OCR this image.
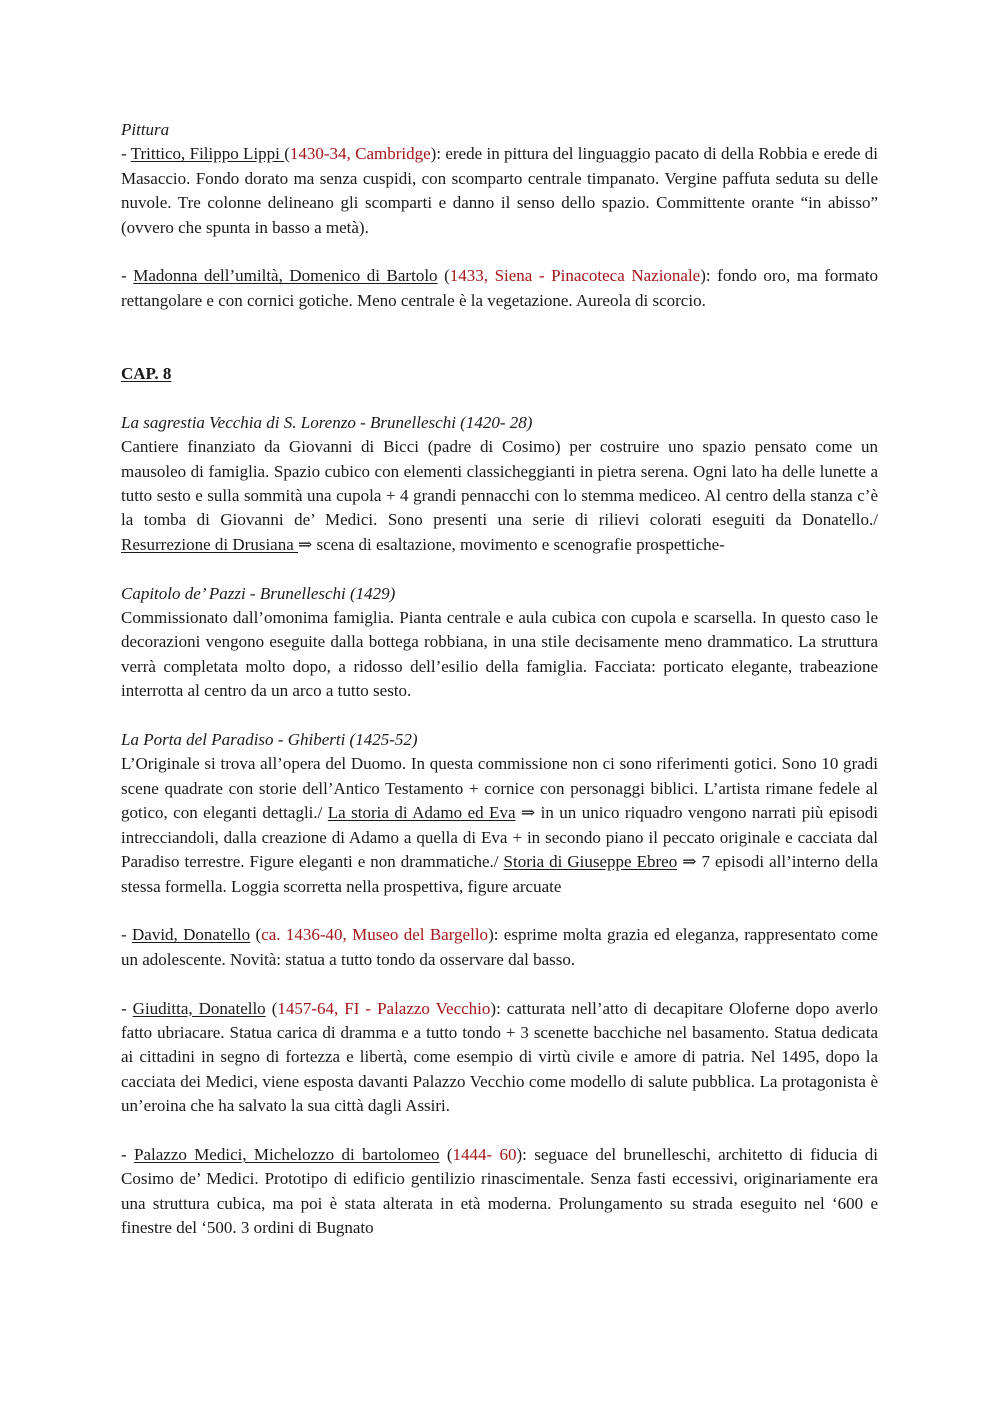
Pittura

- Trittico, Filippo Lippi (1430-34, Cambridge): erede in pittura del linguaggio pacato di della Robbia e erede di Masaccio. Fondo dorato ma senza cuspidi, con scomparto centrale timpanato. Vergine paffuta seduta su delle nuvole. Tre colonne delineano gli scomparti e danno il senso dello spazio. Committente orante “in abisso” (ovvero che spunta in basso a metà).

- Madonna dell’umiltà, Domenico di Bartolo (1433, Siena - Pinacoteca Nazionale): fondo oro, ma formato rettangolare e con cornici gotiche. Meno centrale è la vegetazione. Aureola di scorcio.

CAP. 8

La sagrestia Vecchia di S. Lorenzo - Brunelleschi (1420- 28)

Cantiere finanziato da Giovanni di Bicci (padre di Cosimo) per costruire uno spazio pensato come un mausoleo di famiglia. Spazio cubico con elementi classicheggianti in pietra serena. Ogni lato ha delle lunette a tutto sesto e sulla sommità una cupola + 4 grandi pennacchi con lo stemma mediceo. Al centro della stanza c’è la tomba di Giovanni de’ Medici. Sono presenti una serie di rilievi colorati eseguiti da Donatello./ Resurrezione di Drusiana ⇒ scena di esaltazione, movimento e scenografie prospettiche-

Capitolo de’ Pazzi - Brunelleschi (1429)

Commissionato dall’omonima famiglia. Pianta centrale e aula cubica con cupola e scarsella. In questo caso le decorazioni vengono eseguite dalla bottega robbiana, in una stile decisamente meno drammatico. La struttura verrà completata molto dopo, a ridosso dell’esilio della famiglia. Facciata: porticato elegante, trabeazione interrotta al centro da un arco a tutto sesto.

La Porta del Paradiso - Ghiberti (1425-52)

L’Originale si trova all’opera del Duomo. In questa commissione non ci sono riferimenti gotici. Sono 10 gradi scene quadrate con storie dell’Antico Testamento + cornice con personaggi biblici. L’artista rimane fedele al gotico, con eleganti dettagli./ La storia di Adamo ed Eva ⇒ in un unico riquadro vengono narrati più episodi intrecciandoli, dalla creazione di Adamo a quella di Eva + in secondo piano il peccato originale e cacciata dal Paradiso terrestre. Figure eleganti e non drammatiche./ Storia di Giuseppe Ebreo ⇒ 7 episodi all’interno della stessa formella. Loggia scorretta nella prospettiva, figure arcuate

- David, Donatello (ca. 1436-40, Museo del Bargello): esprime molta grazia ed eleganza, rappresentato come un adolescente. Novità: statua a tutto tondo da osservare dal basso.

- Giuditta, Donatello (1457-64, FI - Palazzo Vecchio): catturata nell’atto di decapitare Oloferne dopo averlo fatto ubriacare. Statua carica di dramma e a tutto tondo + 3 scenette bacchiche nel basamento. Statua dedicata ai cittadini in segno di fortezza e libertà, come esempio di virtù civile e amore di patria. Nel 1495, dopo la cacciata dei Medici, viene esposta davanti Palazzo Vecchio come modello di salute pubblica. La protagonista è un’eroina che ha salvato la sua città dagli Assiri.

- Palazzo Medici, Michelozzo di bartolomeo (1444- 60): seguace del brunelleschi, architetto di fiducia di Cosimo de’ Medici. Prototipo di edificio gentilizio rinascimentale. Senza fasti eccessivi, originariamente era una struttura cubica, ma poi è stata alterata in età moderna. Prolungamento su strada eseguito nel ‘600 e finestre del ‘500. 3 ordini di Bugnato
